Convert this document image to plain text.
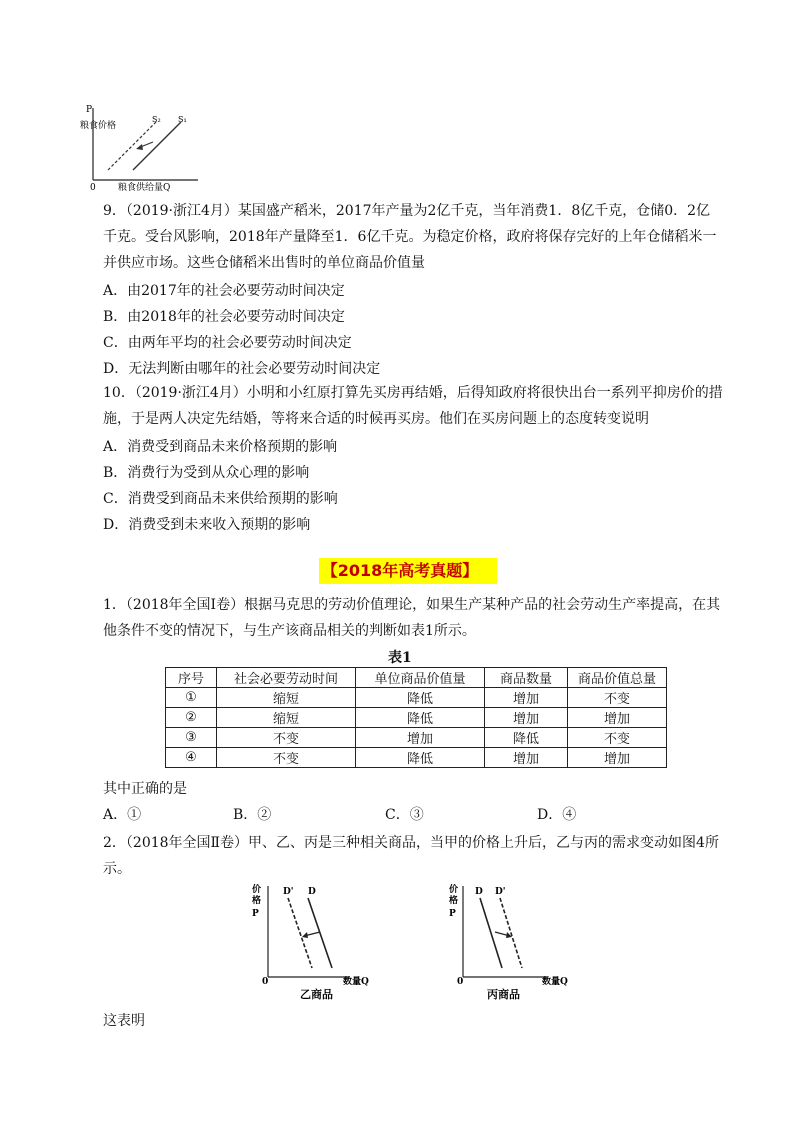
P
粮食价格
0 粮食供给量Q
S₂ S₁
9．（2019·浙江4月）某国盛产稻米，2017年产量为2亿千克，当年消费1．8亿千克，仓储0．2亿千克。受台风影响，2018年产量降至1．6亿千克。为稳定价格，政府将保存完好的上年仓储稻米一并供应市场。这些仓储稻米出售时的单位商品价值量
A．由2017年的社会必要劳动时间决定
B．由2018年的社会必要劳动时间决定
C．由两年平均的社会必要劳动时间决定
D．无法判断由哪年的社会必要劳动时间决定
10．（2019·浙江4月）小明和小红原打算先买房再结婚，后得知政府将很快出台一系列平抑房价的措施，于是两人决定先结婚，等将来合适的时候再买房。他们在买房问题上的态度转变说明
A．消费受到商品未来价格预期的影响
B．消费行为受到从众心理的影响
C．消费受到商品未来供给预期的影响
D．消费受到未来收入预期的影响
【2018年高考真题】
1．（2018年全国Ⅰ卷）根据马克思的劳动价值理论，如果生产某种产品的社会劳动生产率提高，在其他条件不变的情况下，与生产该商品相关的判断如表1所示。
表1
序号	社会必要劳动时间	单位商品价值量	商品数量	商品价值总量
①	缩短	降低	增加	不变
②	缩短	降低	增加	增加
③	不变	增加	降低	不变
④	不变	降低	增加	增加
其中正确的是
A．①	B．②	C．③	D．④
2．（2018年全国Ⅱ卷）甲、乙、丙是三种相关商品，当甲的价格上升后，乙与丙的需求变动如图4所示。
价
格
P
D' D
0	数量Q
乙商品
价
格
P
D D'
0	数量Q
丙商品
这表明
